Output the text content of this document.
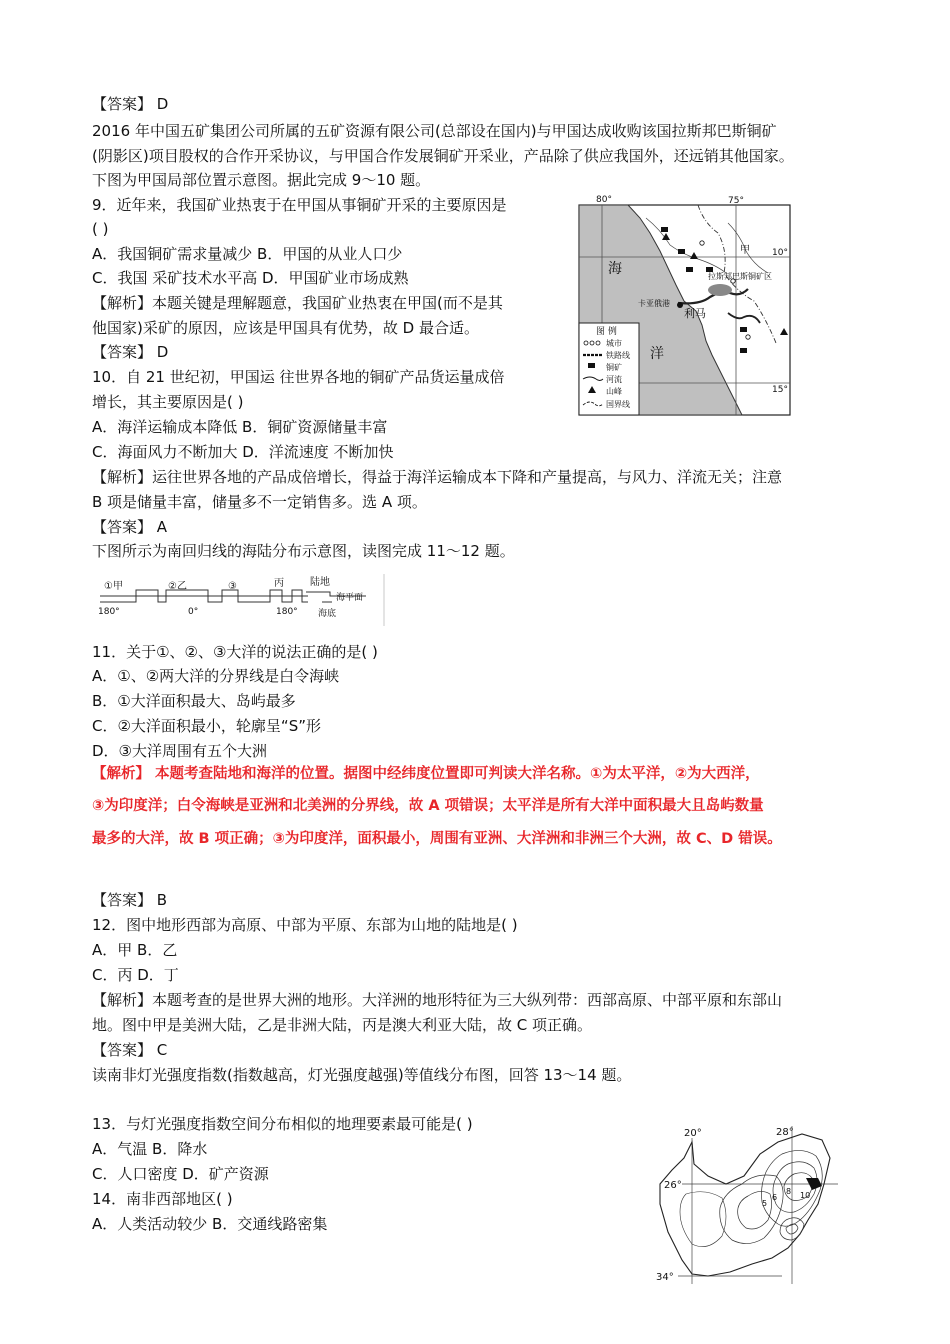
【答案】 D
2016 年中国五矿集团公司所属的五矿资源有限公司(总部设在国内)与甲国达成收购该国拉斯邦巴斯铜矿
(阴影区)项目股权的合作开采协议，与甲国合作发展铜矿开采业，产品除了供应我国外，还远销其他国家。
下图为甲国局部位置示意图。据此完成 9～10 题。
9．近年来，我国矿业热衷于在甲国从事铜矿开采的主要原因是
( )
A．我国铜矿需求量减少 B．甲国的从业人口少
C．我国 采矿技术水平高 D．甲国矿业市场成熟
【解析】本题关键是理解题意，我国矿业热衷在甲国(而不是其
他国家)采矿的原因，应该是甲国具有优势，故 D 最合适。
【答案】 D
10．自 21 世纪初，甲国运 往世界各地的铜矿产品货运量成倍
增长，其主要原因是( )
A．海洋运输成本降低 B．铜矿资源储量丰富
C．海面风力不断加大 D．洋流速度 不断加快
【解析】运往世界各地的产品成倍增长，得益于海洋运输成本下降和产量提高，与风力、洋流无关；注意
B 项是储量丰富，储量多不一定销售多。选 A 项。
【答案】 A
下图所示为南回归线的海陆分布示意图，读图完成 11～12 题。
11．关于①、②、③大洋的说法正确的是( )
A．①、②两大洋的分界线是白令海峡
B．①大洋面积最大、岛屿最多
C．②大洋面积最小，轮廓呈“S”形
D．③大洋周围有五个大洲
【解析】 本题考查陆地和海洋的位置。据图中经纬度位置即可判读大洋名称。①为太平洋，②为大西洋，
③为印度洋；白令海峡是亚洲和北美洲的分界线，故 A 项错误；太平洋是所有大洋中面积最大且岛屿数量
最多的大洋，故 B 项正确；③为印度洋，面积最小，周围有亚洲、大洋洲和非洲三个大洲，故 C、D 错误。
【答案】 B
12．图中地形西部为高原、中部为平原、东部为山地的陆地是( )
A．甲 B．乙
C．丙 D．丁
【解析】本题考查的是世界大洲的地形。大洋洲的地形特征为三大纵列带：西部高原、中部平原和东部山
地。图中甲是美洲大陆，乙是非洲大陆，丙是澳大利亚大陆，故 C 项正确。
【答案】 C
读南非灯光强度指数(指数越高，灯光强度越强)等值线分布图，回答 13～14 题。
13．与灯光强度指数空间分布相似的地理要素最可能是( )
A．气温 B．降水
C．人口密度 D．矿产资源
14．南非西部地区( )
A．人类活动较少 B．交通线路密集
80°	75°
10°
15°
海
洋
甲
拉斯邦巴斯铜矿区
卡亚俄港
利马
图 例
城市
铁路线
铜矿
河流
山峰
国界线
①甲	②乙	③	丙	陆地
海平面
海底
180°	0°	180°
20°	28°
26°
34°
5
6
8 10
